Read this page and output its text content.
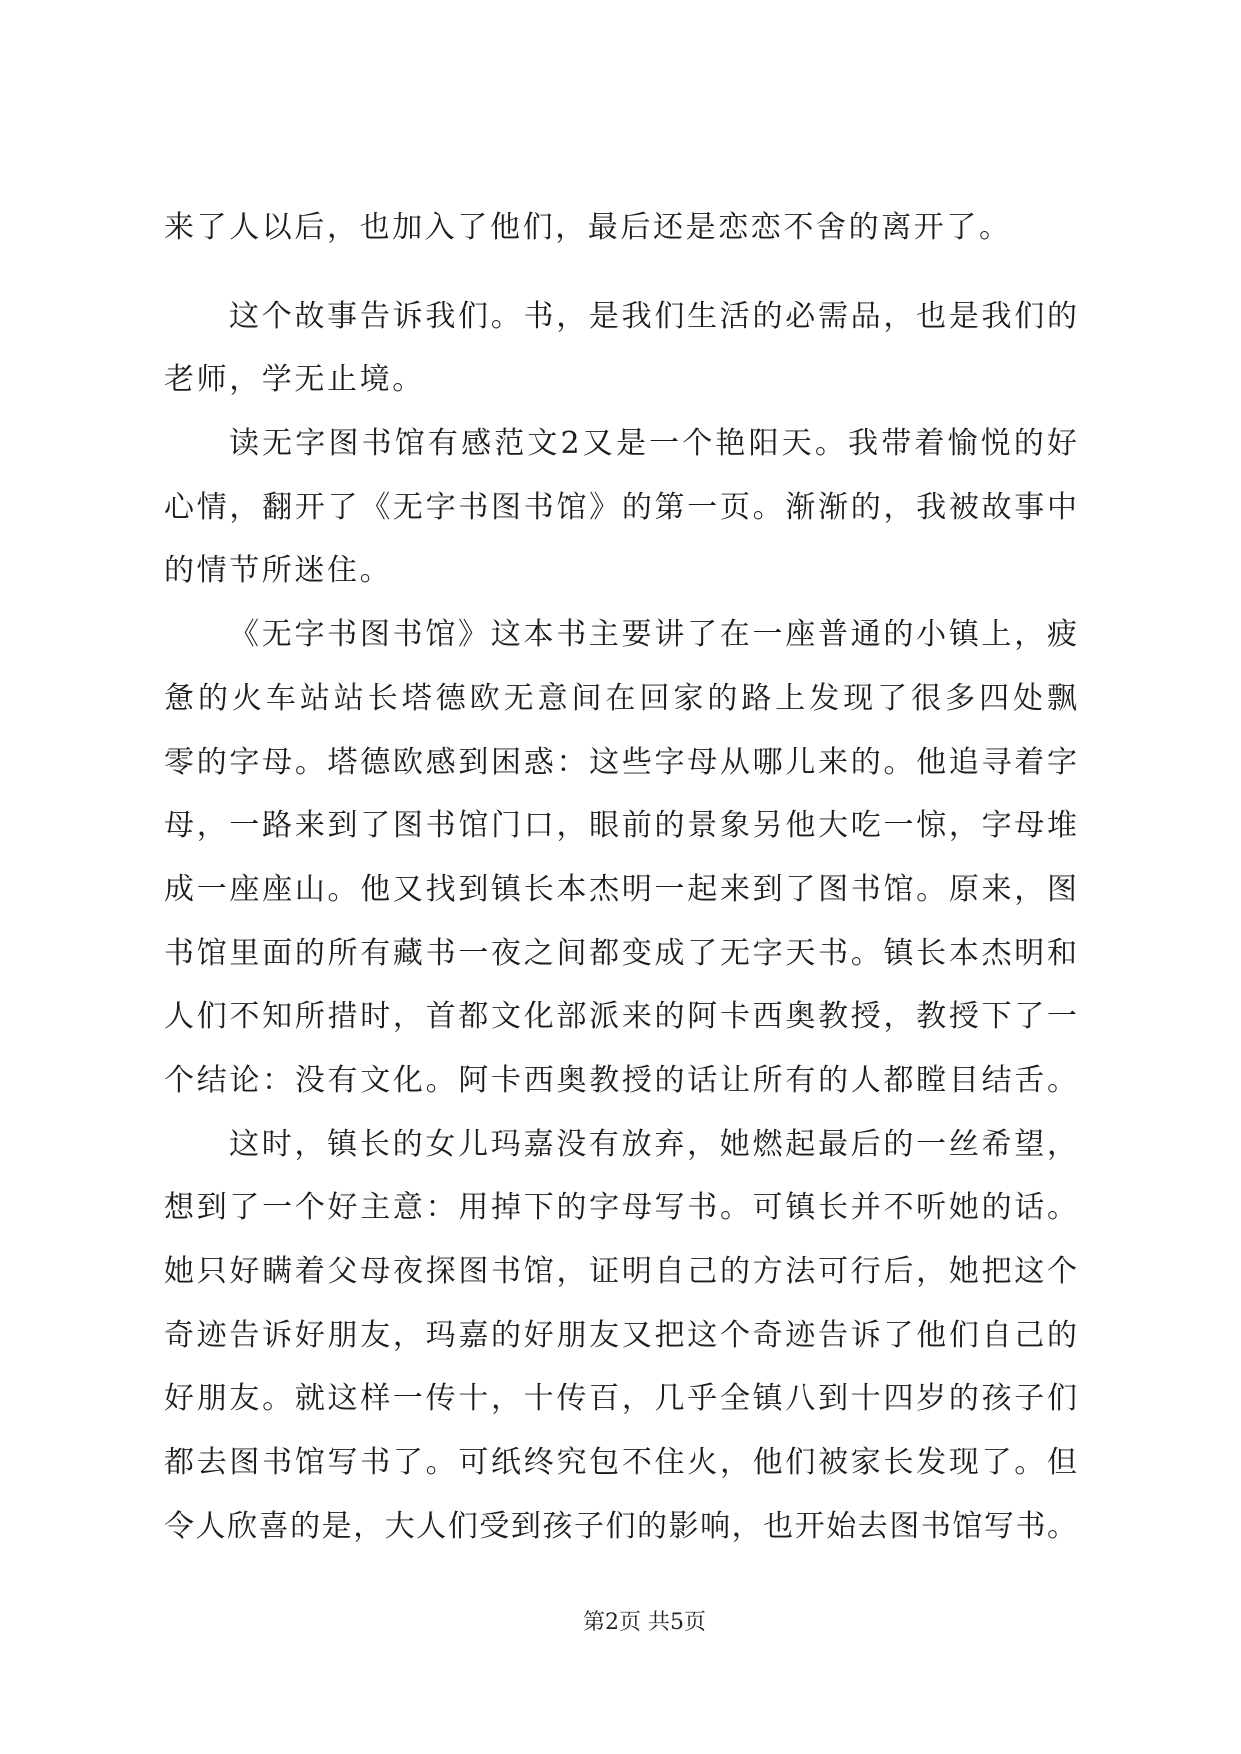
来了人以后，也加入了他们，最后还是恋恋不舍的离开了。
这个故事告诉我们。书，是我们生活的必需品，也是我们的
老师，学无止境。
读无字图书馆有感范文2又是一个艳阳天。我带着愉悦的好
心情，翻开了《无字书图书馆》的第一页。渐渐的，我被故事中
的情节所迷住。
《无字书图书馆》这本书主要讲了在一座普通的小镇上，疲
惫的火车站站长塔德欧无意间在回家的路上发现了很多四处飘
零的字母。塔德欧感到困惑：这些字母从哪儿来的。他追寻着字
母，一路来到了图书馆门口，眼前的景象另他大吃一惊，字母堆
成一座座山。他又找到镇长本杰明一起来到了图书馆。原来，图
书馆里面的所有藏书一夜之间都变成了无字天书。镇长本杰明和
人们不知所措时，首都文化部派来的阿卡西奥教授，教授下了一
个结论：没有文化。阿卡西奥教授的话让所有的人都瞠目结舌。
这时，镇长的女儿玛嘉没有放弃，她燃起最后的一丝希望，
想到了一个好主意：用掉下的字母写书。可镇长并不听她的话。
她只好瞒着父母夜探图书馆，证明自己的方法可行后，她把这个
奇迹告诉好朋友，玛嘉的好朋友又把这个奇迹告诉了他们自己的
好朋友。就这样一传十，十传百，几乎全镇八到十四岁的孩子们
都去图书馆写书了。可纸终究包不住火，他们被家长发现了。但
令人欣喜的是，大人们受到孩子们的影响，也开始去图书馆写书。
第2页 共5页
